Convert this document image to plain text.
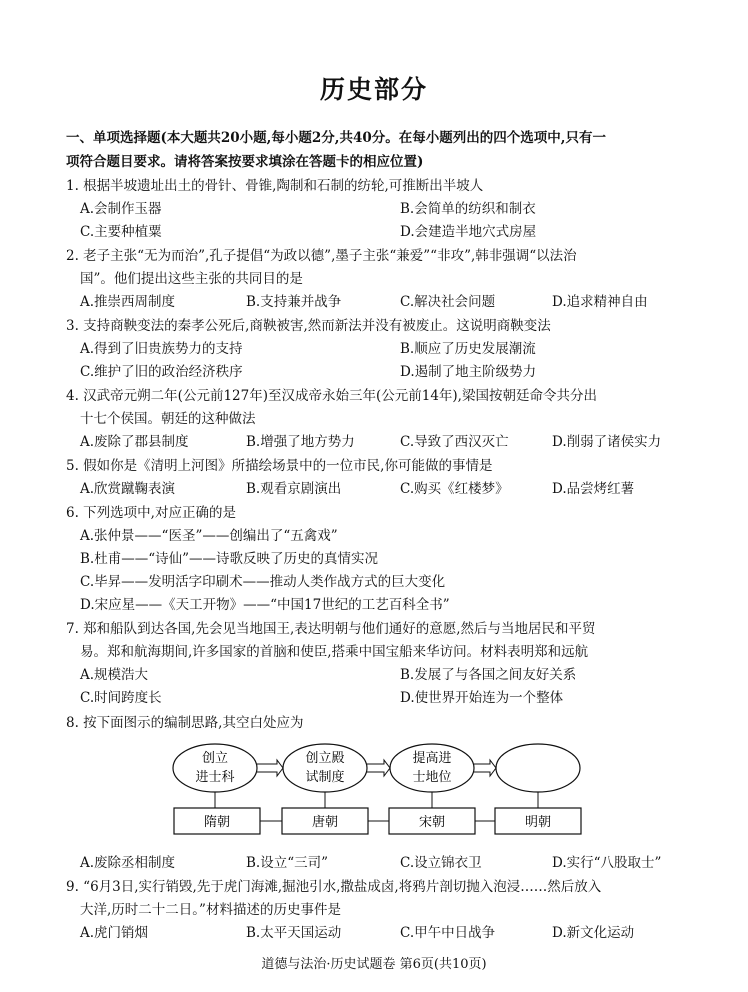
历史部分
一、单项选择题(本大题共20小题,每小题2分,共40分。在每小题列出的四个选项中,只有一
项符合题目要求。请将答案按要求填涂在答题卡的相应位置)
1. 根据半坡遗址出土的骨针、骨锥,陶制和石制的纺轮,可推断出半坡人
A.会制作玉器	B.会简单的纺织和制衣
C.主要种植粟	D.会建造半地穴式房屋
2. 老子主张“无为而治”,孔子提倡“为政以德”,墨子主张“兼爱”“非攻”,韩非强调“以法治
国”。他们提出这些主张的共同目的是
A.推崇西周制度	B.支持兼并战争	C.解决社会问题	D.追求精神自由
3. 支持商鞅变法的秦孝公死后,商鞅被害,然而新法并没有被废止。这说明商鞅变法
A.得到了旧贵族势力的支持	B.顺应了历史发展潮流
C.维护了旧的政治经济秩序	D.遏制了地主阶级势力
4. 汉武帝元朔二年(公元前127年)至汉成帝永始三年(公元前14年),梁国按朝廷命令共分出
十七个侯国。朝廷的这种做法
A.废除了郡县制度	B.增强了地方势力	C.导致了西汉灭亡	D.削弱了诸侯实力
5. 假如你是《清明上河图》所描绘场景中的一位市民,你可能做的事情是
A.欣赏蹴鞠表演	B.观看京剧演出	C.购买《红楼梦》	D.品尝烤红薯
6. 下列选项中,对应正确的是
A.张仲景——“医圣”——创编出了“五禽戏”
B.杜甫——“诗仙”——诗歌反映了历史的真情实况
C.毕昇——发明活字印刷术——推动人类作战方式的巨大变化
D.宋应星——《天工开物》——“中国17世纪的工艺百科全书”
7. 郑和船队到达各国,先会见当地国王,表达明朝与他们通好的意愿,然后与当地居民和平贸
易。郑和航海期间,许多国家的首脑和使臣,搭乘中国宝船来华访问。材料表明郑和远航
A.规模浩大	B.发展了与各国之间友好关系
C.时间跨度长	D.使世界开始连为一个整体
8. 按下面图示的编制思路,其空白处应为
创立
进士科
创立殿
试制度
提高进
士地位
隋朝	唐朝	宋朝	明朝
A.废除丞相制度	B.设立“三司”	C.设立锦衣卫	D.实行“八股取士”
9. “6月3日,实行销毁,先于虎门海滩,掘池引水,撒盐成卤,将鸦片剖切抛入泡浸……然后放入
大洋,历时二十二日。”材料描述的历史事件是
A.虎门销烟	B.太平天国运动	C.甲午中日战争	D.新文化运动
道德与法治·历史试题卷 第6页(共10页)
